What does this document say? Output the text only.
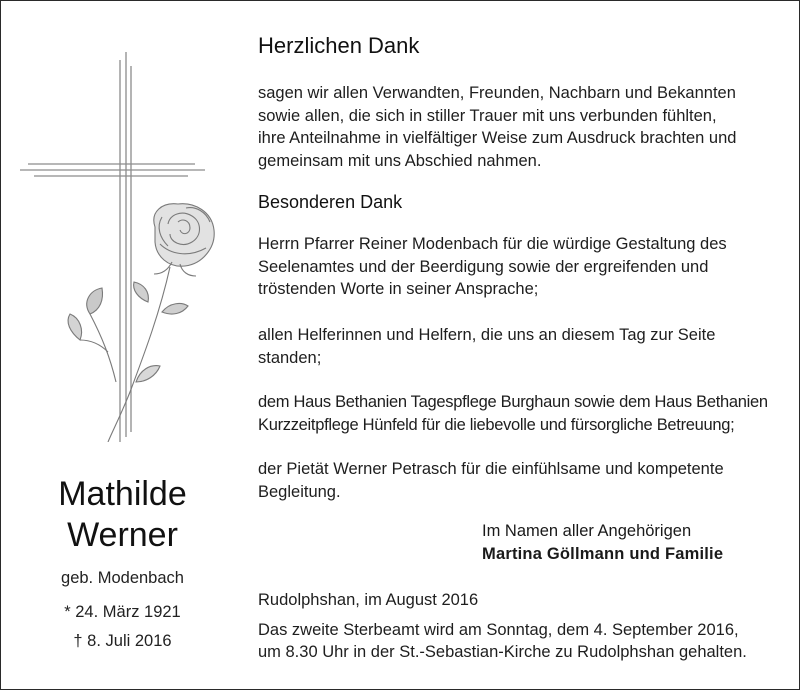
Mathilde
Werner
geb. Modenbach
* 24. März 1921
† 8. Juli 2016
Herzlichen Dank

sagen wir allen Verwandten, Freunden, Nachbarn und Bekannten

sowie allen, die sich in stiller Trauer mit uns verbunden fühlten,

ihre Anteilnahme in vielfältiger Weise zum Ausdruck brachten und

gemeinsam mit uns Abschied nahmen.

Besonderen Dank

Herrn Pfarrer Reiner Modenbach für die würdige Gestaltung des

Seelenamtes und der Beerdigung sowie der ergreifenden und

tröstenden Worte in seiner Ansprache;

allen Helferinnen und Helfern, die uns an diesem Tag zur Seite

standen;

dem Haus Bethanien Tagespflege Burghaun sowie dem Haus Bethanien

Kurzzeitpflege Hünfeld für die liebevolle und fürsorgliche Betreuung;

der Pietät Werner Petrasch für die einfühlsame und kompetente

Begleitung.

Im Namen aller Angehörigen
Martina Göllmann und Familie

Rudolphshan, im August 2016

Das zweite Sterbeamt wird am Sonntag, dem 4. September 2016,

um 8.30 Uhr in der St.-Sebastian-Kirche zu Rudolphshan gehalten.
